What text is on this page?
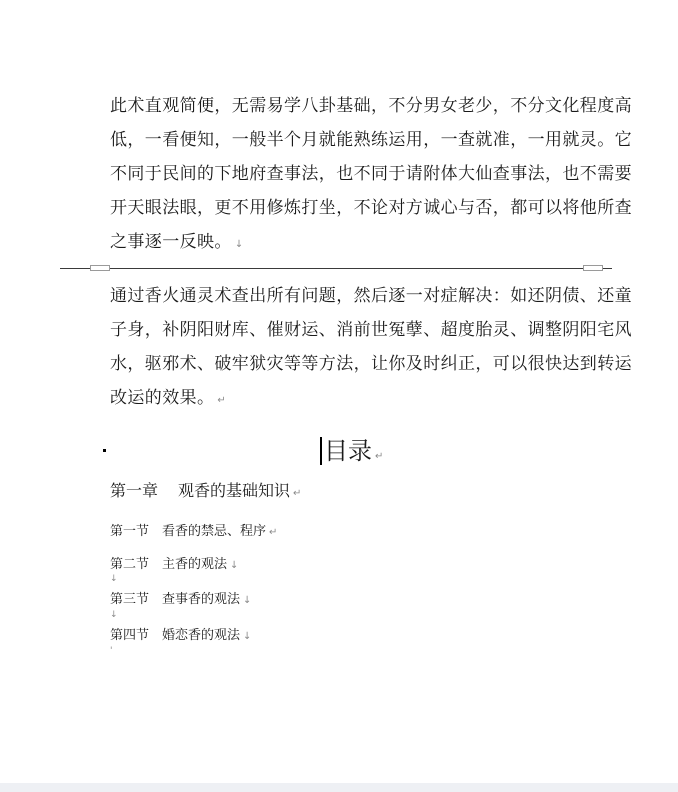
此术直观简便，无需易学八卦基础，不分男女老少，不分文化程度高
低，一看便知，一般半个月就能熟练运用，一查就准，一用就灵。它
不同于民间的下地府查事法，也不同于请附体大仙查事法，也不需要
开天眼法眼，更不用修炼打坐，不论对方诚心与否，都可以将他所查
之事逐一反映。 ↓
通过香火通灵术查出所有问题，然后逐一对症解决：如还阴债、还童
子身，补阴阳财库、催财运、消前世冤孽、超度胎灵、调整阴阳宅风
水，驱邪术、破牢狱灾等等方法，让你及时纠正，可以很快达到转运
改运的效果。 ↵
目录 ↵
第一章 观香的基础知识 ↵
第一节 看香的禁忌、程序 ↵
第二节 主香的观法 ↓
↓
第三节 查事香的观法 ↓
↓
第四节 婚恋香的观法 ↓
'
